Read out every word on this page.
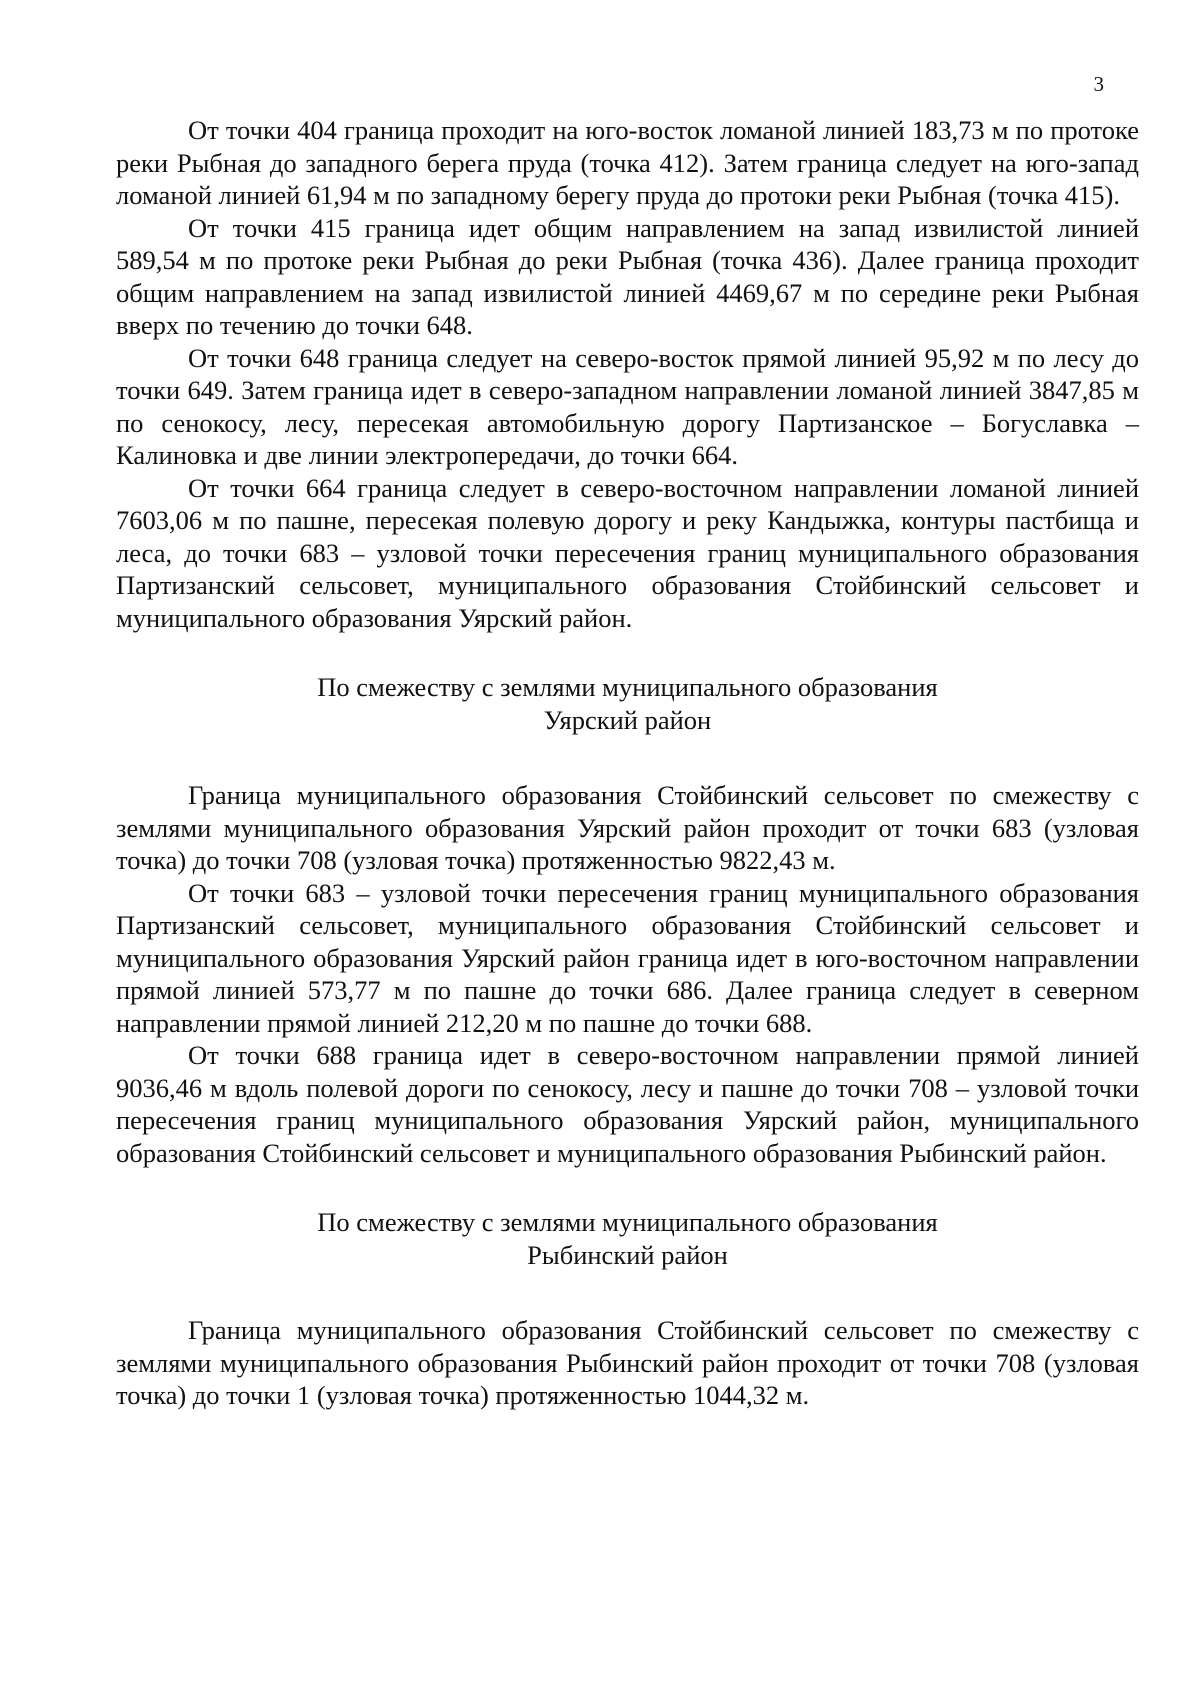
3

От точки 404 граница проходит на юго-восток ломаной линией 183,73 м по протоке реки Рыбная до западного берега пруда (точка 412). Затем граница следует на юго-запад ломаной линией 61,94 м по западному берегу пруда до протоки реки Рыбная (точка 415).

От точки 415 граница идет общим направлением на запад извилистой линией 589,54 м по протоке реки Рыбная до реки Рыбная (точка 436). Далее граница проходит общим направлением на запад извилистой линией 4469,67 м по середине реки Рыбная вверх по течению до точки 648.

От точки 648 граница следует на северо-восток прямой линией 95,92 м по лесу до точки 649. Затем граница идет в северо-западном направлении ломаной линией 3847,85 м по сенокосу, лесу, пересекая автомобильную дорогу Партизанское – Богуславка – Калиновка и две линии электропередачи, до точки 664.

От точки 664 граница следует в северо-восточном направлении ломаной линией 7603,06 м по пашне, пересекая полевую дорогу и реку Кандыжка, контуры пастбища и леса, до точки 683 – узловой точки пересечения границ муниципального образования Партизанский сельсовет, муниципального образования Стойбинский сельсовет и муниципального образования Уярский район.

По смежеству с землями муниципального образования
Уярский район

Граница муниципального образования Стойбинский сельсовет по смежеству с землями муниципального образования Уярский район проходит от точки 683 (узловая точка) до точки 708 (узловая точка) протяженностью 9822,43 м.

От точки 683 – узловой точки пересечения границ муниципального образования Партизанский сельсовет, муниципального образования Стойбинский сельсовет и муниципального образования Уярский район граница идет в юго-восточном направлении прямой линией 573,77 м по пашне до точки 686. Далее граница следует в северном направлении прямой линией 212,20 м по пашне до точки 688.

От точки 688 граница идет в северо-восточном направлении прямой линией 9036,46 м вдоль полевой дороги по сенокосу, лесу и пашне до точки 708 – узловой точки пересечения границ муниципального образования Уярский район, муниципального образования Стойбинский сельсовет и муниципального образования Рыбинский район.

По смежеству с землями муниципального образования
Рыбинский район

Граница муниципального образования Стойбинский сельсовет по смежеству с землями муниципального образования Рыбинский район проходит от точки 708 (узловая точка) до точки 1 (узловая точка) протяженностью 1044,32 м.
